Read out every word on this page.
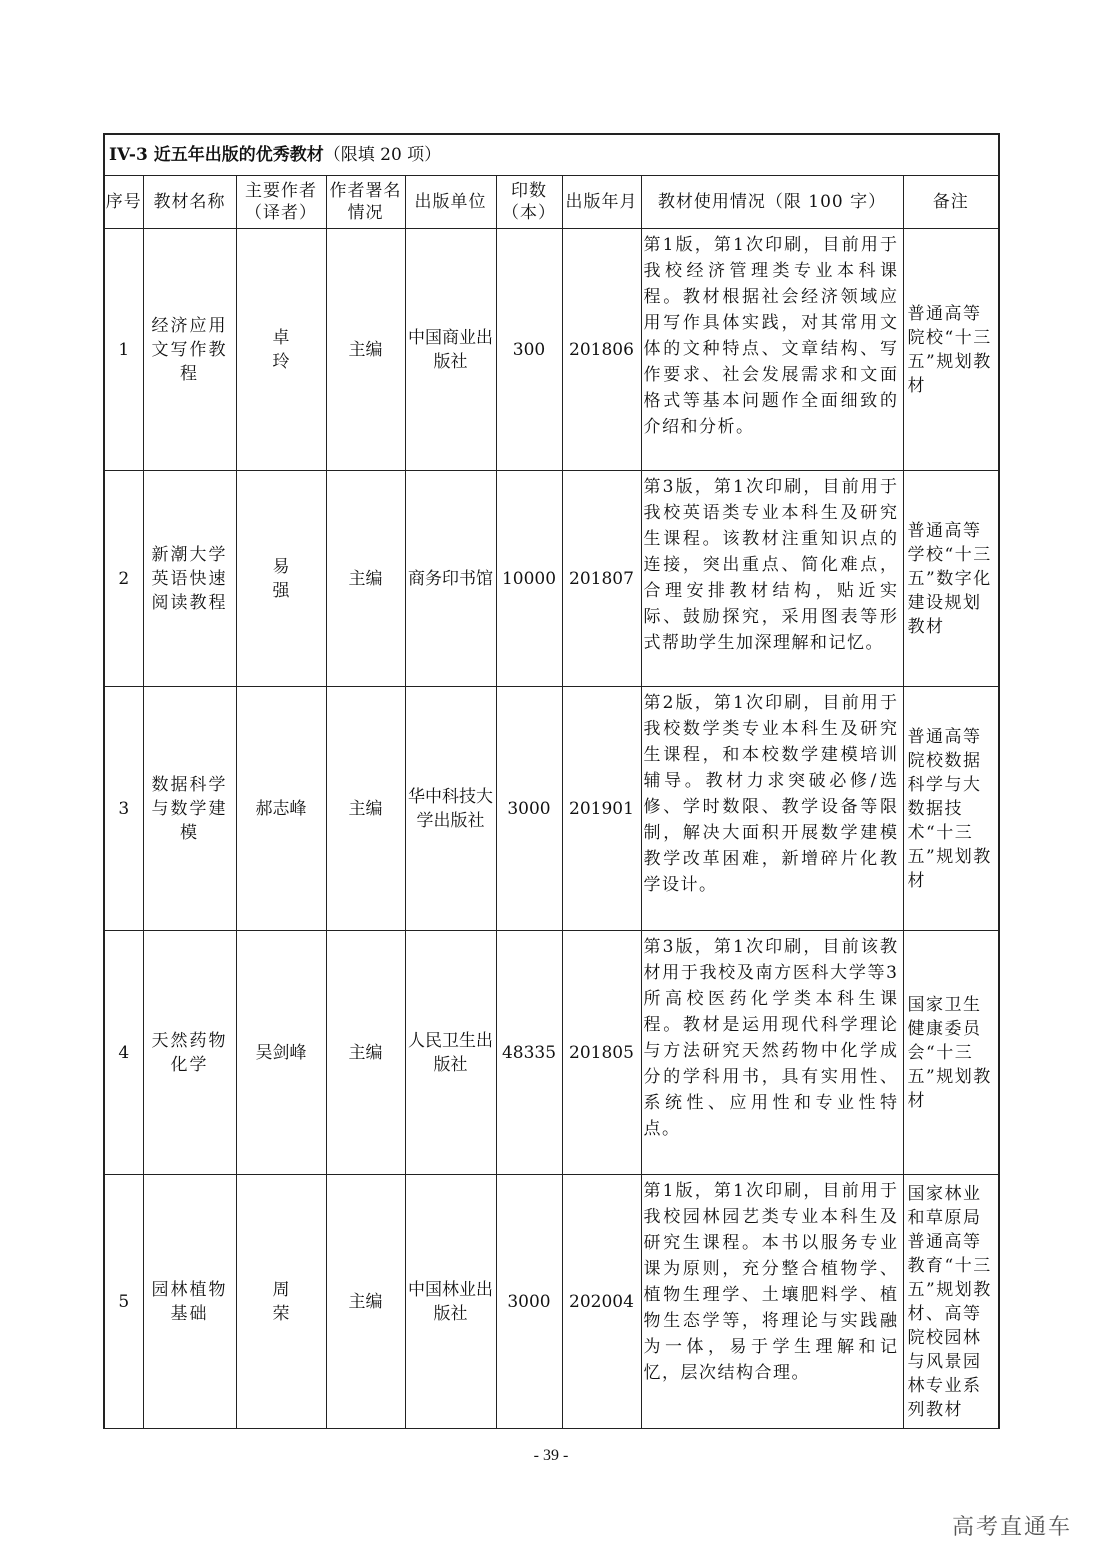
IV-3 近五年出版的优秀教材（限填 20 项）								
序号	教材名称	主要作者（译者）	作者署名情况	出版单位	印数（本）	出版年月	教材使用情况（限 100 字）	备注
1	经济应用文写作教程	卓 玲	主编	中国商业出版社	300	201806	第1版，第1次印刷，目前用于我校经济管理类专业本科课程。教材根据社会经济领域应用写作具体实践，对其常用文体的文种特点、文章结构、写作要求、社会发展需求和文面格式等基本问题作全面细致的介绍和分析。	普通高等院校“十三五”规划教材
2	新潮大学英语快速阅读教程	易 强	主编	商务印书馆	10000	201807	第3版，第1次印刷，目前用于我校英语类专业本科生及研究生课程。该教材注重知识点的连接，突出重点、简化难点，合理安排教材结构，贴近实际、鼓励探究，采用图表等形式帮助学生加深理解和记忆。	普通高等学校“十三五”数字化建设规划教材
3	数据科学与数学建模	郝志峰	主编	华中科技大学出版社	3000	201901	第2版，第1次印刷，目前用于我校数学类专业本科生及研究生课程，和本校数学建模培训辅导。教材力求突破必修/选修、学时数限、教学设备等限制，解决大面积开展数学建模教学改革困难，新增碎片化教学设计。	普通高等院校数据科学与大数据技术“十三五”规划教材
4	天然药物化学	吴剑峰	主编	人民卫生出版社	48335	201805	第3版，第1次印刷，目前该教材用于我校及南方医科大学等3所高校医药化学类本科生课程。教材是运用现代科学理论与方法研究天然药物中化学成分的学科用书，具有实用性、系统性、应用性和专业性特点。	国家卫生健康委员会“十三五”规划教材
5	园林植物基础	周 荣	主编	中国林业出版社	3000	202004	第1版，第1次印刷，目前用于我校园林园艺类专业本科生及研究生课程。本书以服务专业课为原则，充分整合植物学、植物生理学、土壤肥料学、植物生态学等，将理论与实践融为一体，易于学生理解和记忆，层次结构合理。	国家林业和草原局普通高等教育“十三五”规划教材、高等院校园林与风景园林专业系列教材
- 39 -
高考直通车
